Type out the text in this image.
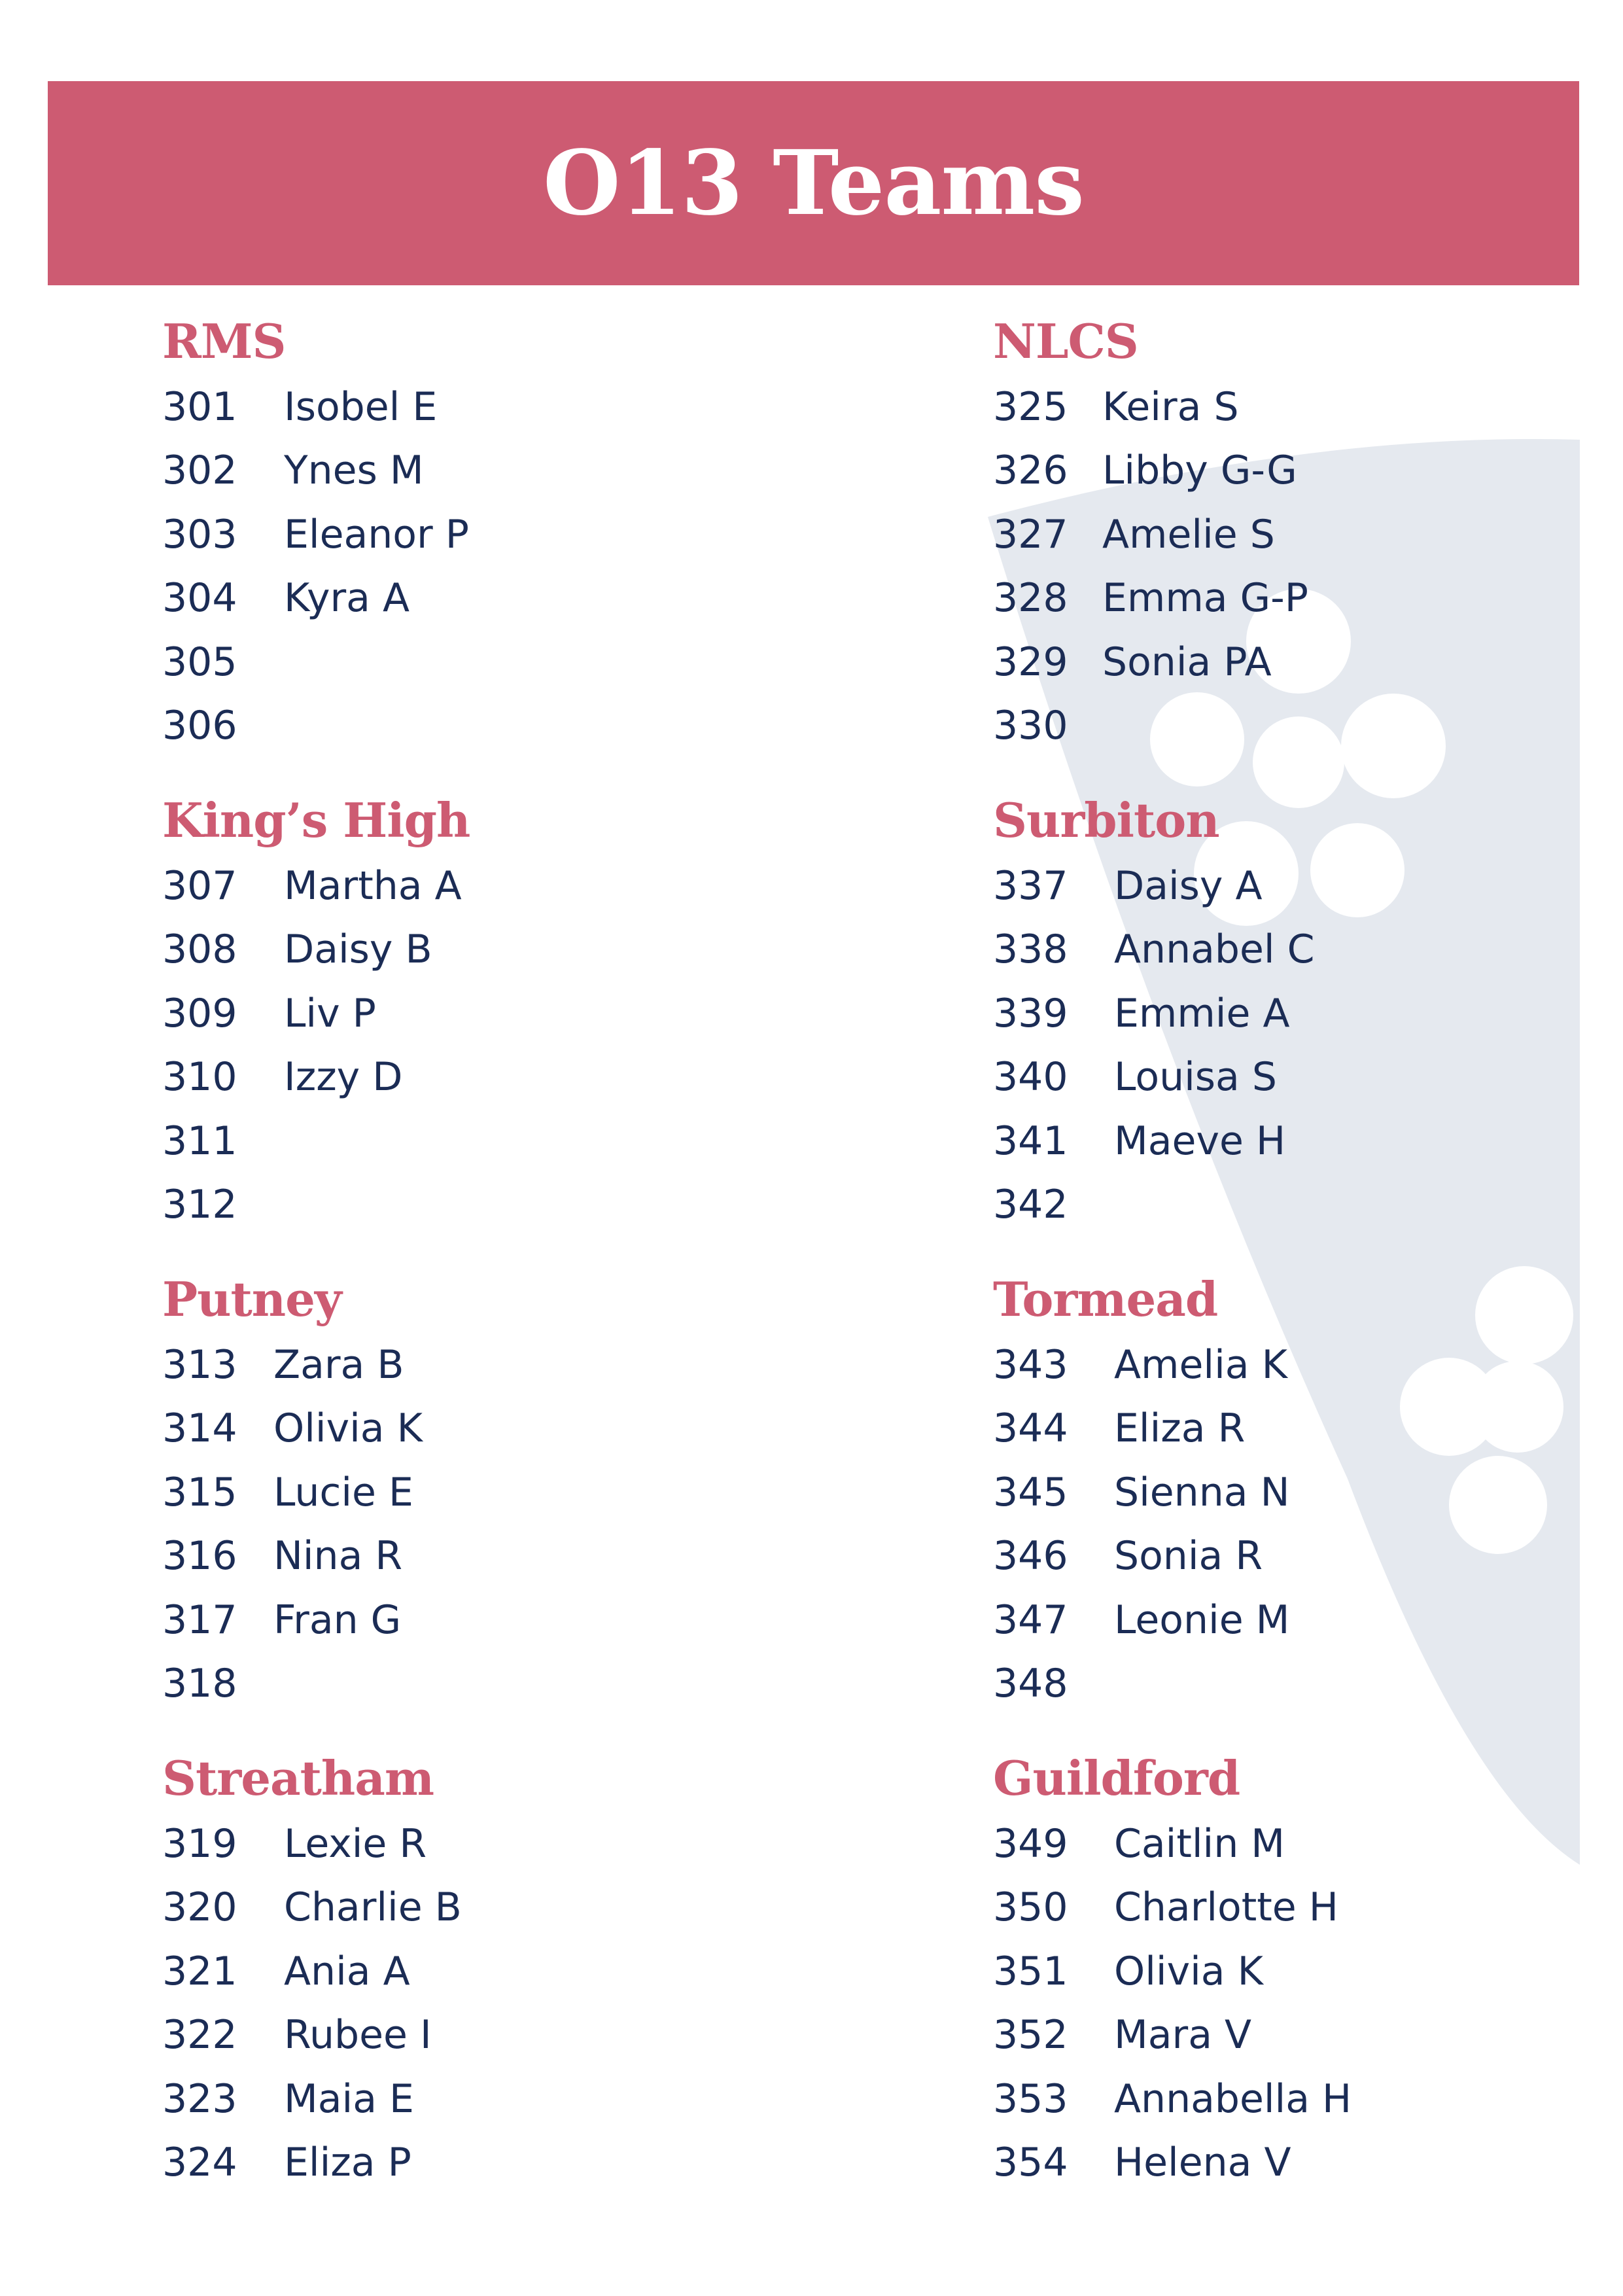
O13 Teams
RMS
301 Isobel E
302 Ynes M
303 Eleanor P
304 Kyra A
305
306
King’s High
307 Martha A
308 Daisy B
309 Liv P
310 Izzy D
311
312
Putney
313 Zara B
314 Olivia K
315 Lucie E
316 Nina R
317 Fran G
318
Streatham
319 Lexie R
320 Charlie B
321 Ania A
322 Rubee I
323 Maia E
324 Eliza P
NLCS
325 Keira S
326 Libby G-G
327 Amelie S
328 Emma G-P
329 Sonia PA
330
Surbiton
337 Daisy A
338 Annabel C
339 Emmie A
340 Louisa S
341 Maeve H
342
Tormead
343 Amelia K
344 Eliza R
345 Sienna N
346 Sonia R
347 Leonie M
348
Guildford
349 Caitlin M
350 Charlotte H
351 Olivia K
352 Mara V
353 Annabella H
354 Helena V
